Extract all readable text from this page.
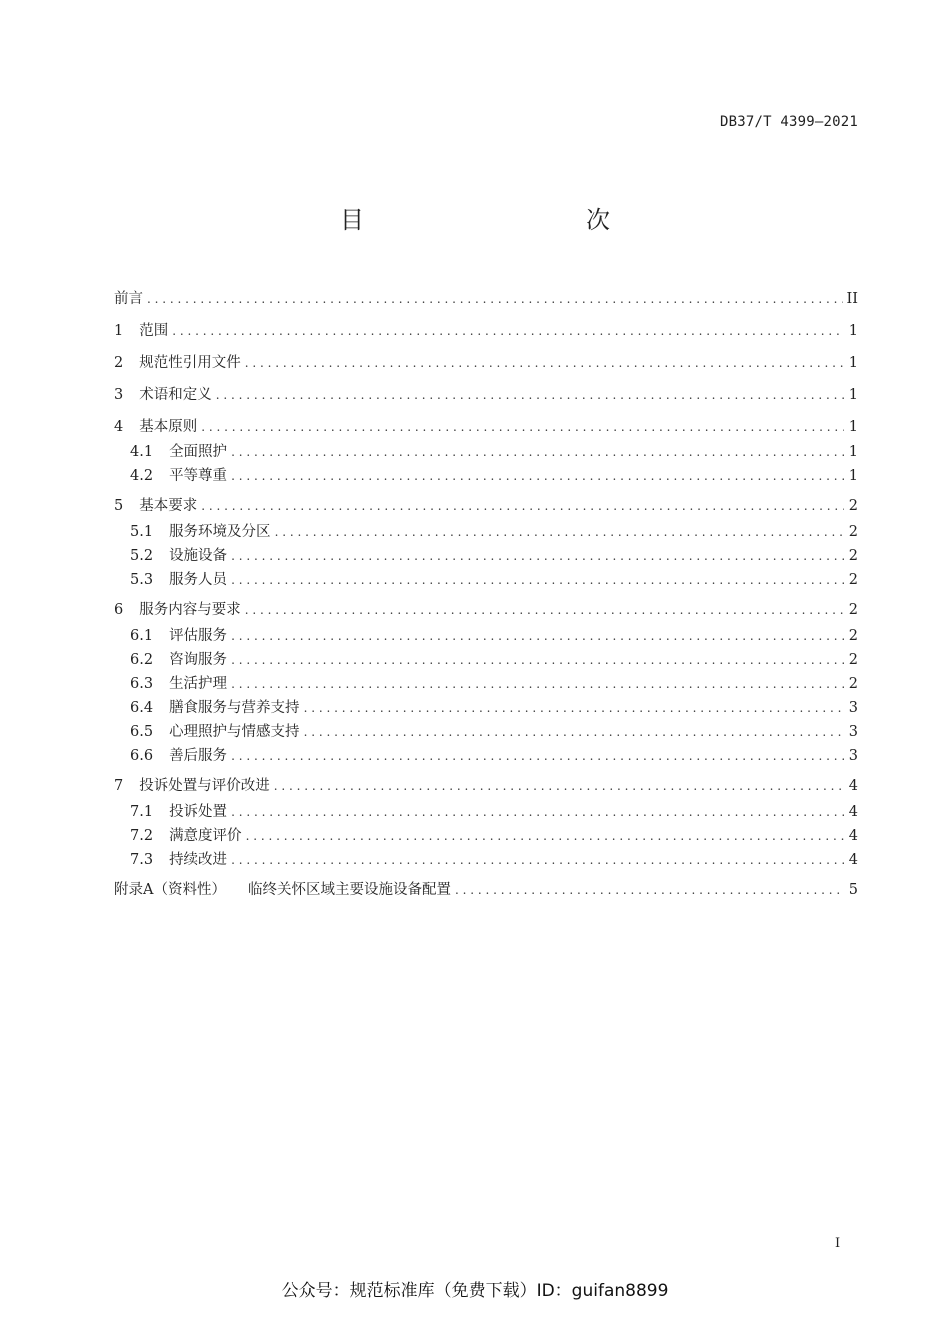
DB37/T 4399—2021
目　　次
前言 . . .	II
1 范围 . . .	1
2 规范性引用文件 . . .	1
3 术语和定义 . . .	1
4 基本原则 . . .	1
4.1 全面照护 . . .	1
4.2 平等尊重 . . .	1
5 基本要求 . . .	2
5.1 服务环境及分区 . . .	2
5.2 设施设备 . . .	2
5.3 服务人员 . . .	2
6 服务内容与要求 . . .	2
6.1 评估服务 . . .	2
6.2 咨询服务 . . .	2
6.3 生活护理 . . .	2
6.4 膳食服务与营养支持 . . .	3
6.5 心理照护与情感支持 . . .	3
6.6 善后服务 . . .	3
7 投诉处置与评价改进 . . .	4
7.1 投诉处置 . . .	4
7.2 满意度评价 . . .	4
7.3 持续改进 . . .	4
附录A（资料性） 临终关怀区域主要设施设备配置 . . .	5
I
公众号：规范标准库（免费下载）ID：guifan8899
